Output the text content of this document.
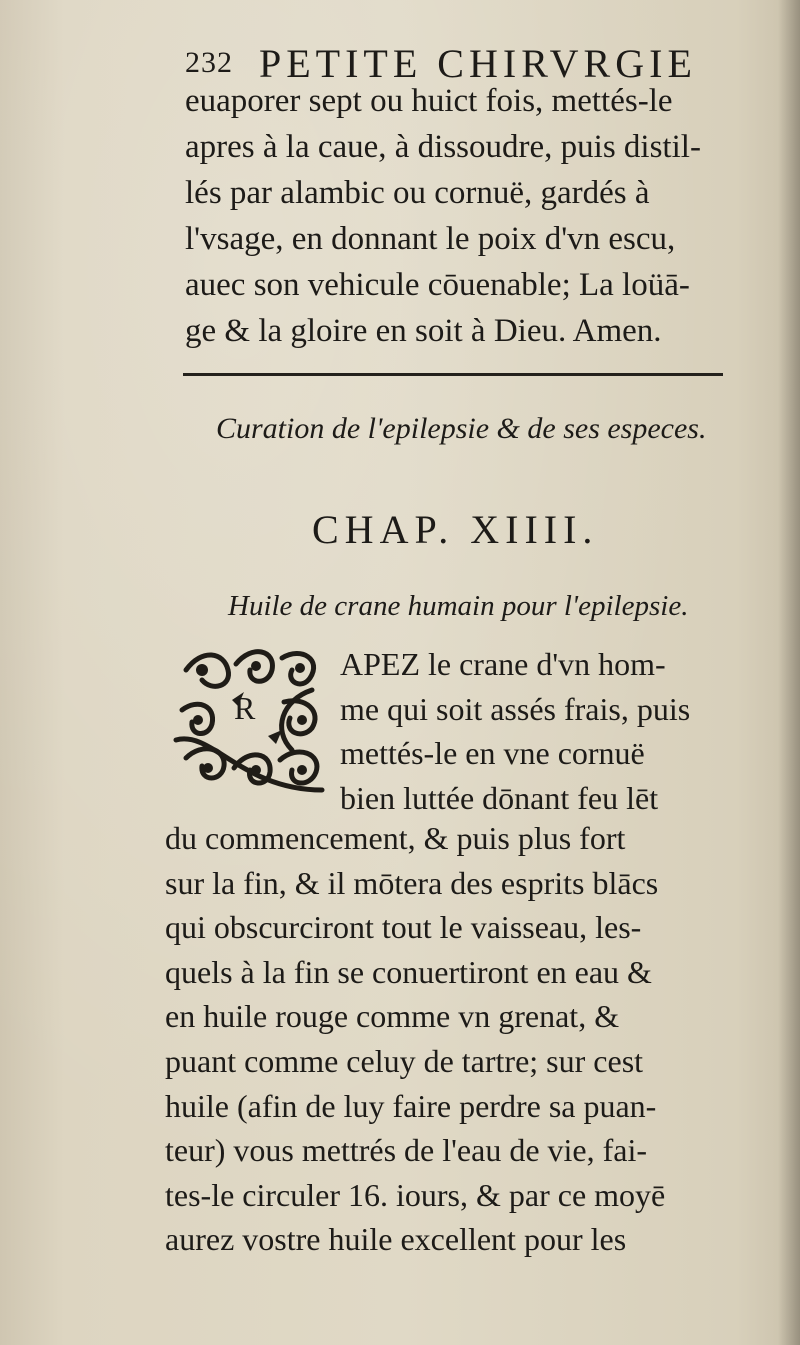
232 PETITE CHIRVRGIE
euaporer sept ou huict fois, mettés-le
apres à la caue, à dissoudre, puis distil-
lés par alambic ou cornuë, gardés à
l'vsage, en donnant le poix d'vn escu,
auec son vehicule cōuenable; La loüā-
ge & la gloire en soit à Dieu. Amen.
Curation de l'epilepsie & de ses especes.
CHAP. XIIII.
Huile de crane humain pour l'epilepsie.
R
APEZ le crane d'vn hom-
me qui soit assés frais, puis
mettés-le en vne cornuë
bien luttée dōnant feu lēt
du commencement, & puis plus fort
sur la fin, & il mōtera des esprits blācs
qui obscurciront tout le vaisseau, les-
quels à la fin se conuertiront en eau &
en huile rouge comme vn grenat, &
puant comme celuy de tartre; sur cest
huile (afin de luy faire perdre sa puan-
teur) vous mettrés de l'eau de vie, fai-
tes-le circuler 16. iours, & par ce moyē
aurez vostre huile excellent pour les
